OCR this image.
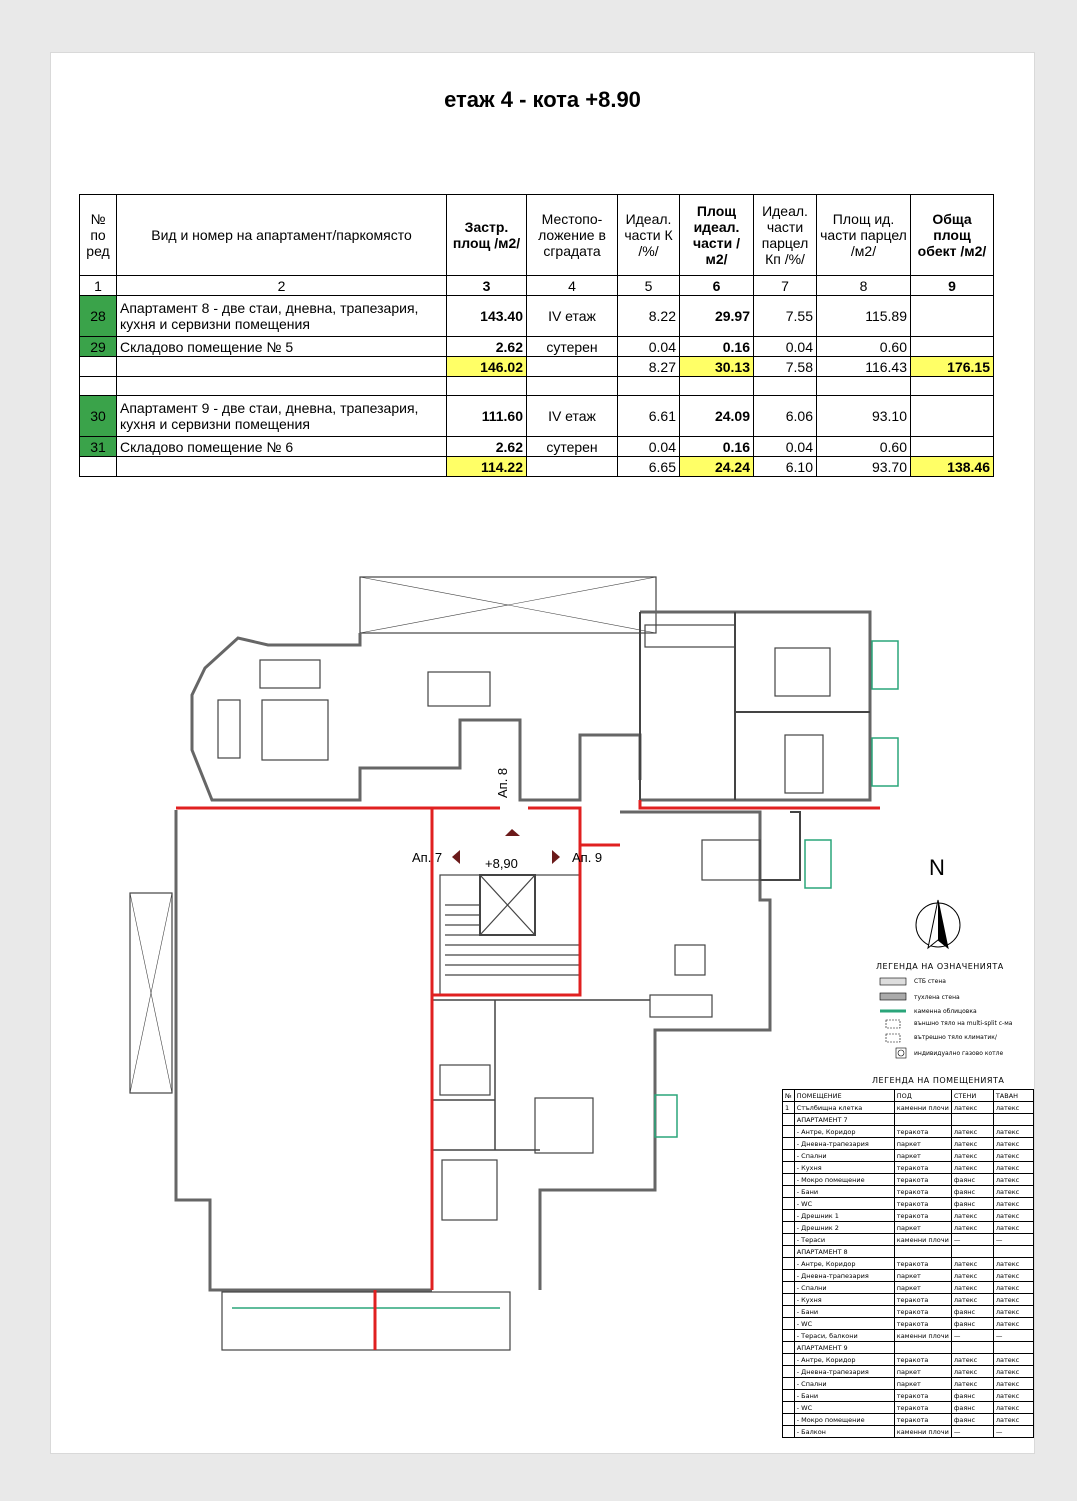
етаж 4 - кота +8.90
№ по ред	Вид и номер на апартамент/паркомясто	Застр. площ /м2/	Местопо- ложение в сградата	Идеал. части К /%/	Площ идеал. части /м2/	Идеал. части парцел Кп /%/	Площ ид. части парцел /м2/	Обща площ обект /м2/
1	2	3	4	5	6	7	8	9
28	Апартамент 8 - две стаи, дневна, трапезария, кухня и сервизни помещения	143.40	IV етаж	8.22	29.97	7.55	115.89	
29	Складово помещение № 5	2.62	сутерен	0.04	0.16	0.04	0.60	
		146.02		8.27	30.13	7.58	116.43	176.15

30	Апартамент 9 - две стаи, дневна, трапезария, кухня и сервизни помещения	111.60	IV етаж	6.61	24.09	6.06	93.10	
31	Складово помещение № 6	2.62	сутерен	0.04	0.16	0.04	0.60	
		114.22		6.65	24.24	6.10	93.70	138.46
Ап. 7	Ап. 9
Ап. 8
+8,90	N
ЛЕГЕНДА НА ОЗНАЧЕНИЯТА
СТБ стена
тухлена стена
каменна облицовка
външно тяло на multi-split с-ма
вътрешно тяло климатик/
индивидуално газово котле
ЛЕГЕНДА НА ПОМЕЩЕНИЯТА
№	ПОМЕЩЕНИЕ	ПОД	СТЕНИ	ТАВАН
1	Стълбищна клетка	каменни плочи	латекс	латекс
	АПАРТАМЕНТ 7			
	- Антре, Коридор	теракота	латекс	латекс
	- Дневна-трапезария	паркет	латекс	латекс
	- Спални	паркет	латекс	латекс
	- Кухня	теракота	латекс	латекс
	- Мокро помещение	теракота	фаянс	латекс
	- Бани	теракота	фаянс	латекс
	- WC	теракота	фаянс	латекс
	- Дрешник 1	теракота	латекс	латекс
	- Дрешник 2	паркет	латекс	латекс
	- Тераси	каменни плочи	—	—
	АПАРТАМЕНТ 8			
	- Антре, Коридор	теракота	латекс	латекс
	- Дневна-трапезария	паркет	латекс	латекс
	- Спални	паркет	латекс	латекс
	- Кухня	теракота	латекс	латекс
	- Бани	теракота	фаянс	латекс
	- WC	теракота	фаянс	латекс
	- Тераси, балкони	каменни плочи	—	—
	АПАРТАМЕНТ 9			
	- Антре, Коридор	теракота	латекс	латекс
	- Дневна-трапезария	паркет	латекс	латекс
	- Спални	паркет	латекс	латекс
	- Бани	теракота	фаянс	латекс
	- WC	теракота	фаянс	латекс
	- Мокро помещение	теракота	фаянс	латекс
	- Балкон	каменни плочи	—	—
